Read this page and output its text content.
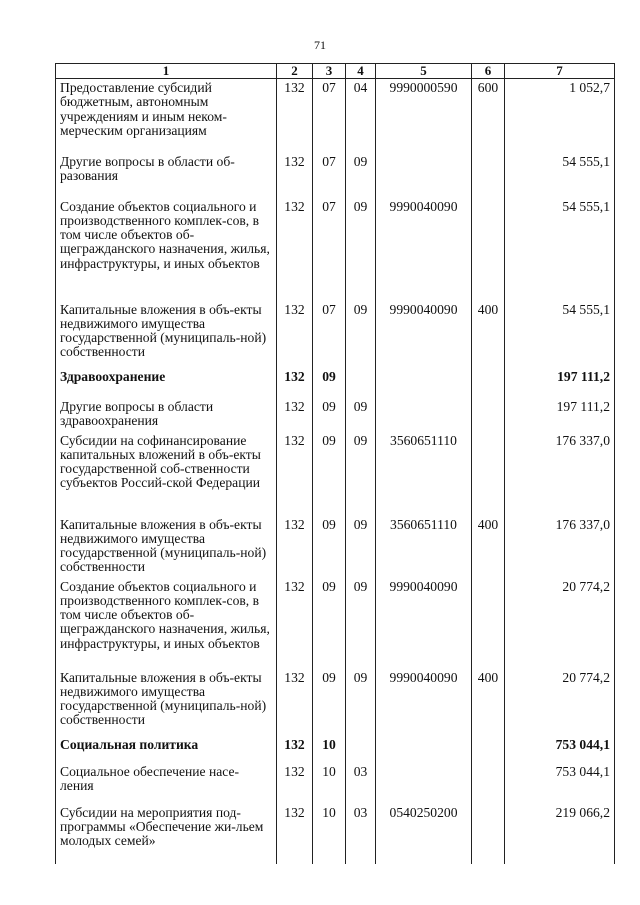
71
1	2	3	4	5	6	7
Предоставление субсидий бюджетным, автономным учреждениям и иным неком-мерческим организациям	132	07	04	9990000590	600	1 052,7
Другие вопросы в области об-разования	132	07	09			54 555,1
Создание объектов социального и производственного комплек-сов, в том числе объектов об-щегражданского назначения, жилья, инфраструктуры, и иных объектов	132	07	09	9990040090		54 555,1
Капитальные вложения в объ-екты недвижимого имущества государственной (муниципаль-ной) собственности	132	07	09	9990040090	400	54 555,1
Здравоохранение	132	09				197 111,2
Другие вопросы в области здравоохранения	132	09	09			197 111,2
Субсидии на софинансирование капитальных вложений в объ-екты государственной соб-ственности субъектов Россий-ской Федерации	132	09	09	3560651110		176 337,0
Капитальные вложения в объ-екты недвижимого имущества государственной (муниципаль-ной) собственности	132	09	09	3560651110	400	176 337,0
Создание объектов социального и производственного комплек-сов, в том числе объектов об-щегражданского назначения, жилья, инфраструктуры, и иных объектов	132	09	09	9990040090		20 774,2
Капитальные вложения в объ-екты недвижимого имущества государственной (муниципаль-ной) собственности	132	09	09	9990040090	400	20 774,2
Социальная политика	132	10				753 044,1
Социальное обеспечение насе-ления	132	10	03			753 044,1
Субсидии на мероприятия под-программы «Обеспечение жи-льем молодых семей»	132	10	03	0540250200		219 066,2
